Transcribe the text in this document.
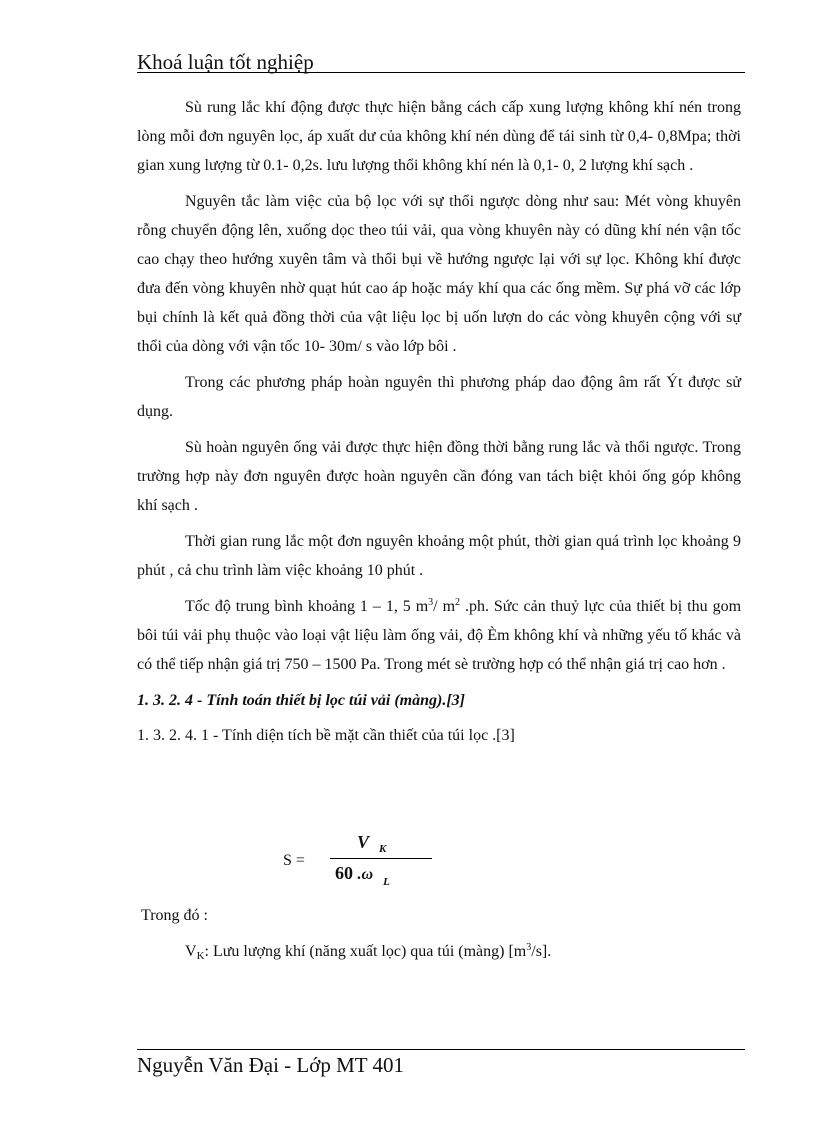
Khoá luận tốt nghiệp

Sù rung lắc khí động được thực hiện bằng cách cấp xung lượng không khí nén trong lòng mỗi đơn nguyên lọc, áp xuất dư của không khí nén dùng để tái sinh từ 0,4- 0,8Mpa; thời gian xung lượng từ 0.1- 0,2s. lưu lượng thổi không khí nén là 0,1- 0, 2 lượng khí sạch .

Nguyên tắc làm việc của bộ lọc với sự thổi ngược dòng như sau: Mét vòng khuyên rỗng chuyển động lên, xuống dọc theo túi vải, qua vòng khuyên này có dũng khí nén vận tốc cao chạy theo hướng xuyên tâm và thổi bụi về hướng ngược lại với sự lọc. Không khí được đưa đến vòng khuyên nhờ quạt hút cao áp hoặc máy khí qua các ống mềm. Sự phá vỡ các lớp bụi chính là kết quả đồng thời của vật liệu lọc bị uốn lượn do các vòng khuyên cộng với sự thổi của dòng với vận tốc 10- 30m/ s vào lớp bôi .

Trong các phương pháp hoàn nguyên thì phương pháp dao động âm rất Ýt được sử dụng.

Sù hoàn nguyên ống vải được thực hiện đồng thời bằng rung lắc và thổi ngược. Trong trường hợp này đơn nguyên được hoàn nguyên cần đóng van tách biệt khỏi ống góp không khí sạch .

Thời gian rung lắc một đơn nguyên khoảng một phút, thời gian quá trình lọc khoảng 9 phút , cả chu trình làm việc khoảng 10 phút .

Tốc độ trung bình khoảng 1 – 1, 5 $m^3/$ $m^2$ .ph. Sức cản thuỷ lực của thiết bị thu gom bôi túi vải phụ thuộc vào loại vật liệu làm ống vải, độ Èm không khí và những yếu tố khác và có thể tiếp nhận giá trị 750 – 1500 Pa. Trong mét sè trường hợp có thể nhận giá trị cao hơn .

1. 3. 2. 4 - Tính toán thiết bị lọc túi vải (màng).[3]

1. 3. 2. 4. 1 - Tính diện tích bề mặt cần thiết của túi lọc .[3]

S =
V $_K$
60 .ω $_L$
Trong đó :
$V_K$: Lưu lượng khí (năng xuất lọc) qua túi (màng) $[m^3/s]$.
Nguyễn Văn Đại - Lớp MT 401
